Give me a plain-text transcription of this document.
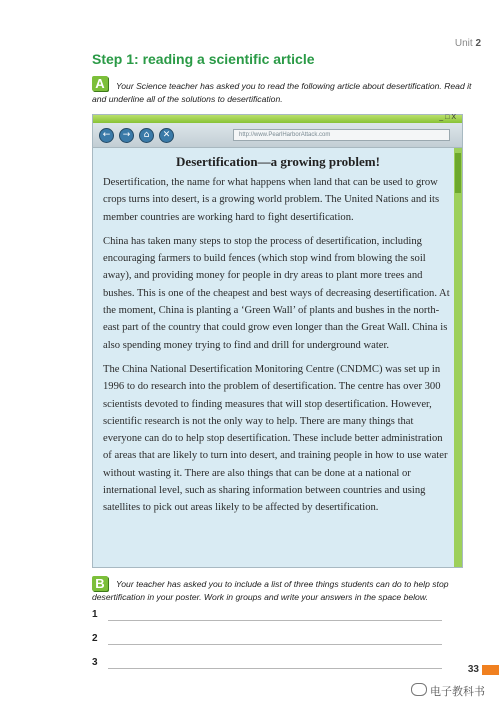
Unit 2
Step 1: reading a scientific article
A	Your Science teacher has asked you to read the following article about desertification. Read it and underline all of the solutions to desertification.
_□X
←	→	⌂	✕	http://www.PearlHarborAttack.com
Desertification—a growing problem!

Desertification, the name for what happens when land that can be used to grow crops turns into desert, is a growing world problem. The United Nations and its member countries are working hard to fight desertification.

China has taken many steps to stop the process of desertification, including encouraging farmers to build fences (which stop wind from blowing the soil away), and providing money for people in dry areas to plant more trees and bushes. This is one of the cheapest and best ways of decreasing desertification. At the moment, China is planting a ‘Green Wall’ of plants and bushes in the north-east part of the country that could grow even longer than the Great Wall. China is also spending money trying to find and drill for underground water.

The China National Desertification Monitoring Centre (CNDMC) was set up in 1996 to do research into the problem of desertification. The centre has over 300 scientists devoted to finding measures that will stop desertification. However, scientific research is not the only way to help. There are many things that everyone can do to help stop desertification. These include better administration of areas that are likely to turn into desert, and training people in how to use water without wasting it. There are also things that can be done at a national or international level, such as sharing information between countries and using satellites to pick out areas likely to be affected by desertification.

B	Your teacher has asked you to include a list of three things students can do to help stop desertification in your poster. Work in groups and write your answers in the space below.
1
2
3
33
电子教科书
